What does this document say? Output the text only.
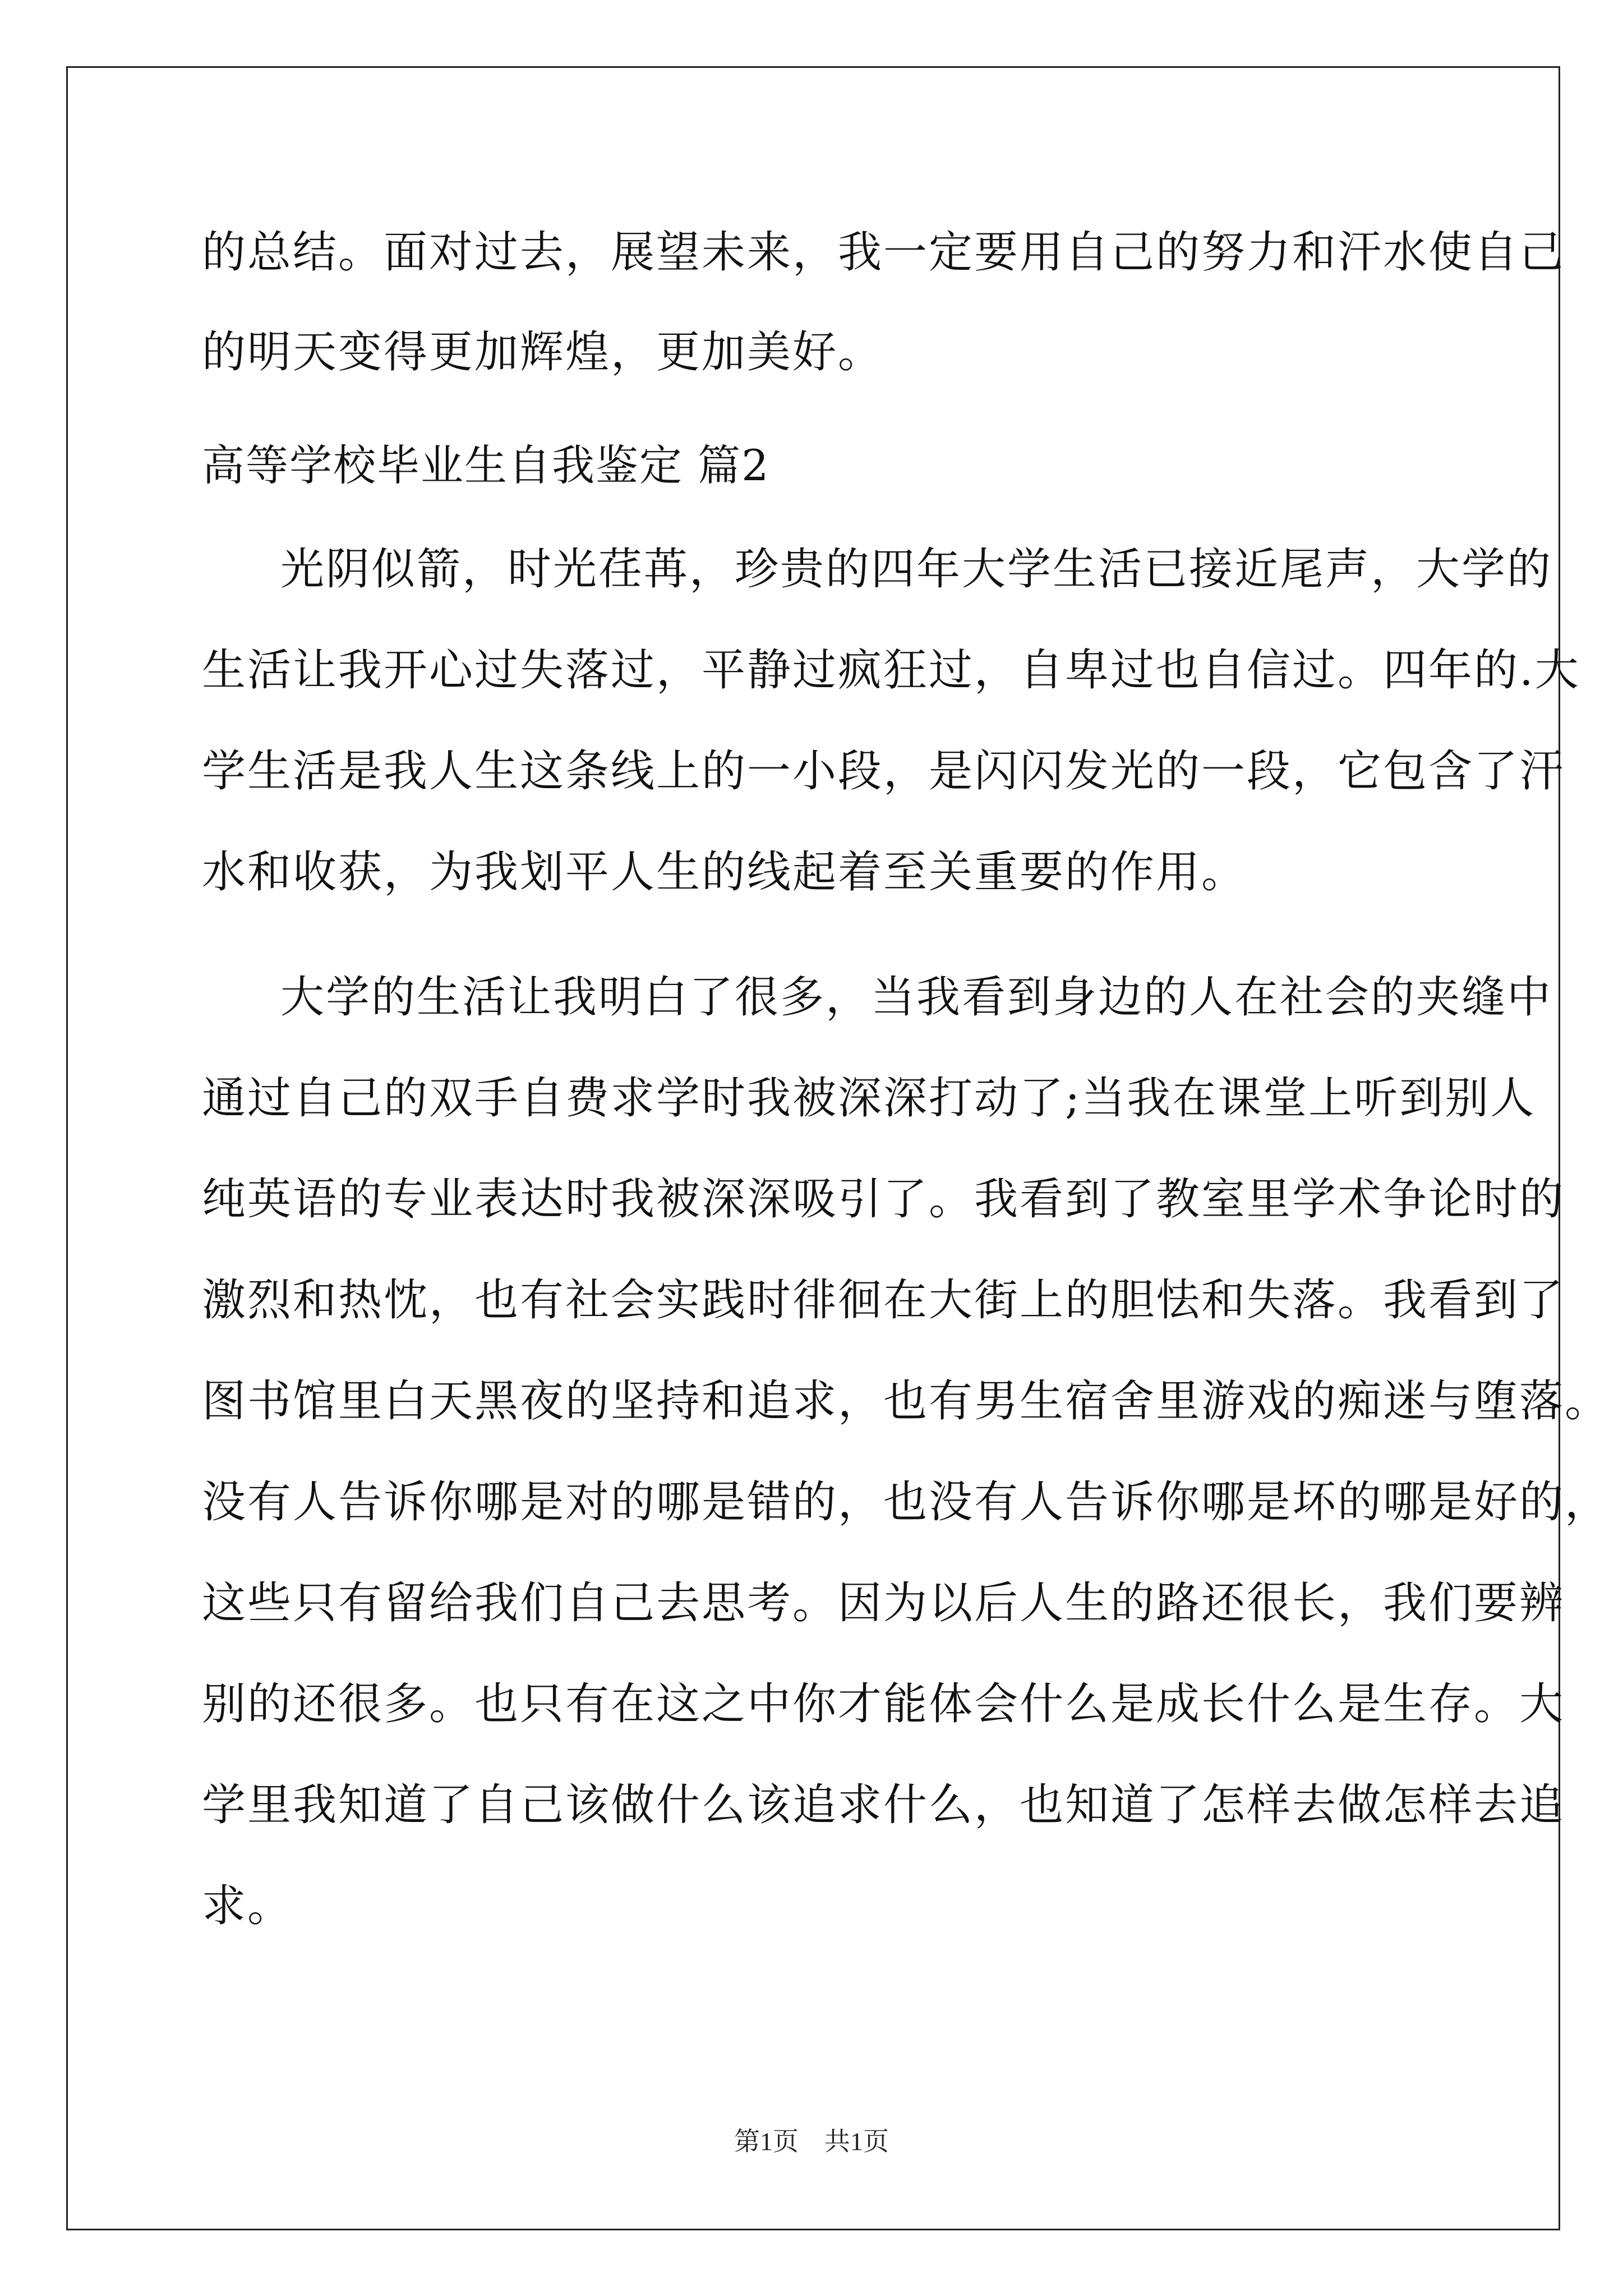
的总结。面对过去，展望未来，我一定要用自己的努力和汗水使自己
的明天变得更加辉煌，更加美好。
高等学校毕业生自我鉴定 篇2
光阴似箭，时光荏苒，珍贵的四年大学生活已接近尾声，大学的
生活让我开心过失落过，平静过疯狂过，自卑过也自信过。四年的.大
学生活是我人生这条线上的一小段，是闪闪发光的一段，它包含了汗
水和收获，为我划平人生的线起着至关重要的作用。
大学的生活让我明白了很多，当我看到身边的人在社会的夹缝中
通过自己的双手自费求学时我被深深打动了;当我在课堂上听到别人
纯英语的专业表达时我被深深吸引了。我看到了教室里学术争论时的
激烈和热忱，也有社会实践时徘徊在大街上的胆怯和失落。我看到了
图书馆里白天黑夜的坚持和追求，也有男生宿舍里游戏的痴迷与堕落。
没有人告诉你哪是对的哪是错的，也没有人告诉你哪是坏的哪是好的，
这些只有留给我们自己去思考。因为以后人生的路还很长，我们要辨
别的还很多。也只有在这之中你才能体会什么是成长什么是生存。大
学里我知道了自己该做什么该追求什么，也知道了怎样去做怎样去追
求。
第1页　共1页
